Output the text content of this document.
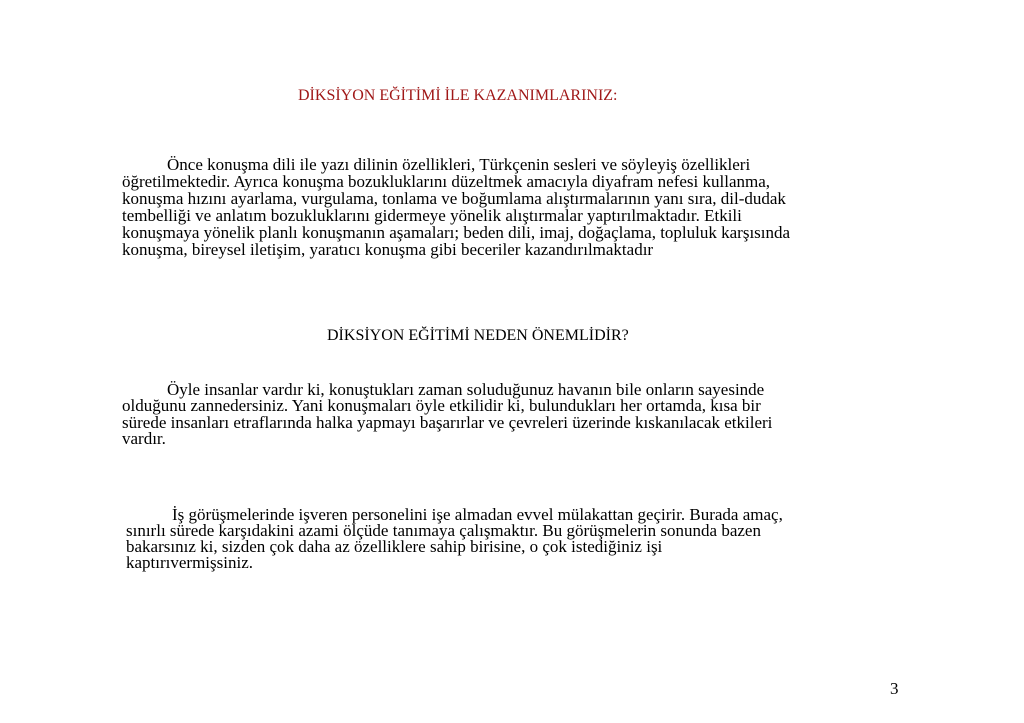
DİKSİYON EĞİTİMİ İLE KAZANIMLARINIZ:
Önce konuşma dili ile yazı dilinin özellikleri, Türkçenin sesleri ve söyleyiş özellikleri
öğretilmektedir. Ayrıca konuşma bozukluklarını düzeltmek amacıyla diyafram nefesi kullanma,
konuşma hızını ayarlama, vurgulama, tonlama ve boğumlama alıştırmalarının yanı sıra, dil-dudak
tembelliği ve anlatım bozukluklarını gidermeye yönelik alıştırmalar yaptırılmaktadır. Etkili
konuşmaya yönelik planlı konuşmanın aşamaları; beden dili, imaj, doğaçlama, topluluk karşısında
konuşma, bireysel iletişim, yaratıcı konuşma gibi beceriler kazandırılmaktadır
DİKSİYON EĞİTİMİ NEDEN ÖNEMLİDİR?
Öyle insanlar vardır ki, konuştukları zaman soluduğunuz havanın bile onların sayesinde
olduğunu zannedersiniz. Yani konuşmaları öyle etkilidir ki, bulundukları her ortamda, kısa bir
sürede insanları etraflarında halka yapmayı başarırlar ve çevreleri üzerinde kıskanılacak etkileri
vardır.
İş görüşmelerinde işveren personelini işe almadan evvel mülakattan geçirir. Burada amaç,
sınırlı sürede karşıdakini azami ölçüde tanımaya çalışmaktır. Bu görüşmelerin sonunda bazen
bakarsınız ki, sizden çok daha az özelliklere sahip birisine, o çok istediğiniz işi
kaptırıvermişsiniz.
3
